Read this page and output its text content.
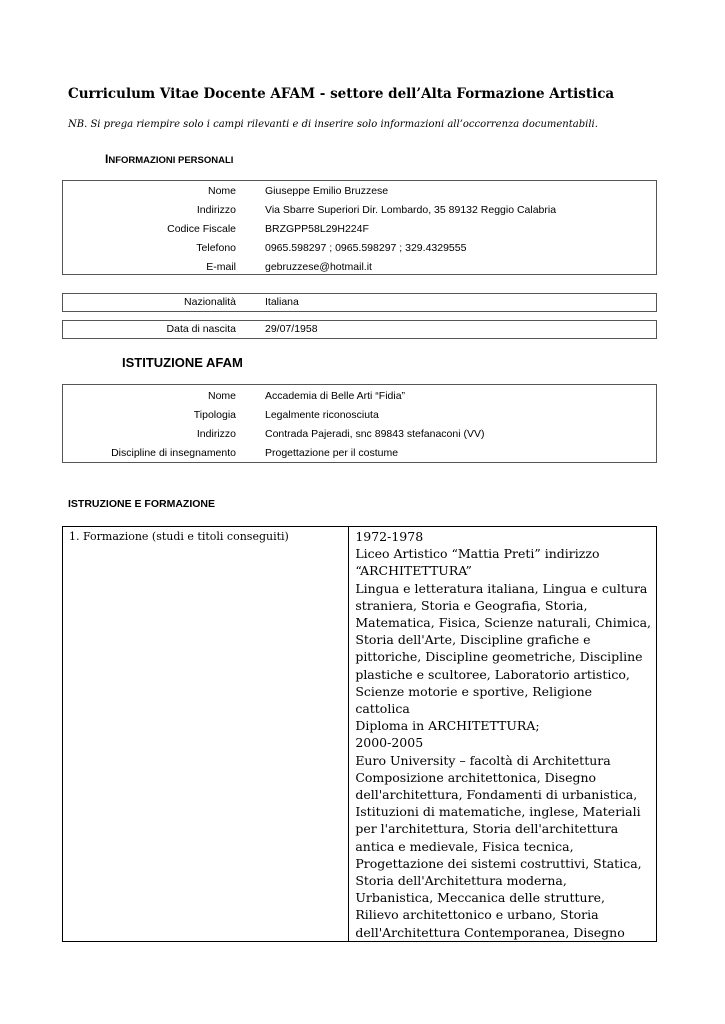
Curriculum Vitae Docente AFAM - settore dell’Alta Formazione Artistica
NB. Si prega riempire solo i campi rilevanti e di inserire solo informazioni all’occorrenza documentabili.
INFORMAZIONI PERSONALI
Nome	Giuseppe Emilio Bruzzese
Indirizzo	Via Sbarre Superiori Dir. Lombardo, 35 89132 Reggio Calabria
Codice Fiscale	BRZGPP58L29H224F
Telefono	0965.598297 ; 0965.598297 ; 329.4329555
E-mail	gebruzzese@hotmail.it
Nazionalità	Italiana
Data di nascita	29/07/1958
ISTITUZIONE AFAM
Nome	Accademia di Belle Arti “Fidia”
Tipologia	Legalmente riconosciuta
Indirizzo	Contrada Pajeradi, snc 89843 stefanaconi (VV)
Discipline di insegnamento	Progettazione per il costume
ISTRUZIONE E FORMAZIONE
1. Formazione (studi e titoli conseguiti)	1972-1978
Liceo Artistico “Mattia Preti” indirizzo
“ARCHITETTURA”
Lingua e letteratura italiana, Lingua e cultura
straniera, Storia e Geografia, Storia,
Matematica, Fisica, Scienze naturali, Chimica,
Storia dell'Arte, Discipline grafiche e
pittoriche, Discipline geometriche, Discipline
plastiche e scultoree, Laboratorio artistico,
Scienze motorie e sportive, Religione
cattolica
Diploma in ARCHITETTURA;
2000-2005
Euro University – facoltà di Architettura
Composizione architettonica, Disegno
dell'architettura, Fondamenti di urbanistica,
Istituzioni di matematiche, inglese, Materiali
per l'architettura, Storia dell'architettura
antica e medievale, Fisica tecnica,
Progettazione dei sistemi costruttivi, Statica,
Storia dell'Architettura moderna,
Urbanistica, Meccanica delle strutture,
Rilievo architettonico e urbano, Storia
dell'Architettura Contemporanea, Disegno
